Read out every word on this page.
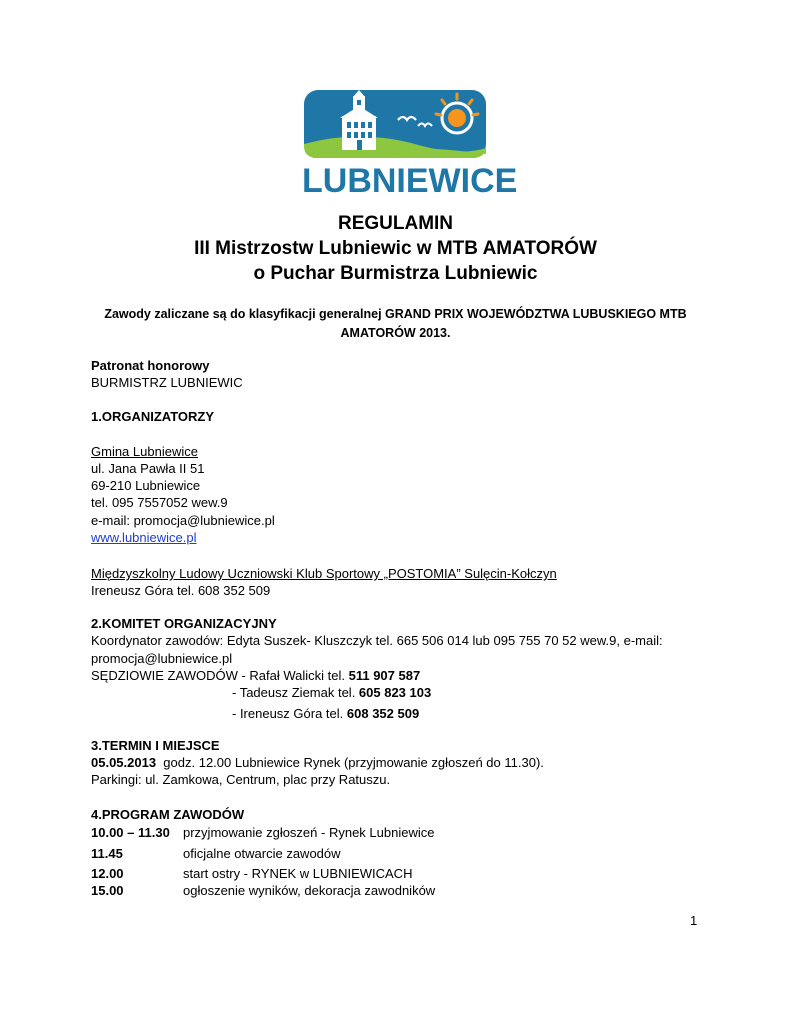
LUBNIEWICE
REGULAMIN
III Mistrzostw Lubniewic w MTB AMATORÓW
o Puchar Burmistrza Lubniewic
Zawody zaliczane są do klasyfikacji generalnej GRAND PRIX WOJEWÓDZTWA LUBUSKIEGO MTB
AMATORÓW 2013.
Patronat honorowy
BURMISTRZ LUBNIEWIC
1.ORGANIZATORZY
Gmina Lubniewice
ul. Jana Pawła II 51
69-210 Lubniewice
tel. 095 7557052 wew.9
e-mail: promocja@lubniewice.pl
www.lubniewice.pl
Międzyszkolny Ludowy Uczniowski Klub Sportowy „POSTOMIA” Sulęcin-Kołczyn
Ireneusz Góra tel. 608 352 509
2.KOMITET ORGANIZACYJNY
Koordynator zawodów: Edyta Suszek- Kluszczyk tel. 665 506 014 lub 095 755 70 52 wew.9, e-mail:
promocja@lubniewice.pl
SĘDZIOWIE ZAWODÓW - Rafał Walicki tel. 511 907 587
- Tadeusz Ziemak tel. 605 823 103
- Ireneusz Góra tel. 608 352 509
3.TERMIN I MIEJSCE
05.05.2013  godz. 12.00 Lubniewice Rynek (przyjmowanie zgłoszeń do 11.30).
Parkingi: ul. Zamkowa, Centrum, plac przy Ratuszu.
4.PROGRAM ZAWODÓW
10.00 – 11.30 przyjmowanie zgłoszeń - Rynek Lubniewice
11.45	oficjalne otwarcie zawodów
12.00	start ostry - RYNEK w LUBNIEWICACH
15.00	ogłoszenie wyników, dekoracja zawodników
1
